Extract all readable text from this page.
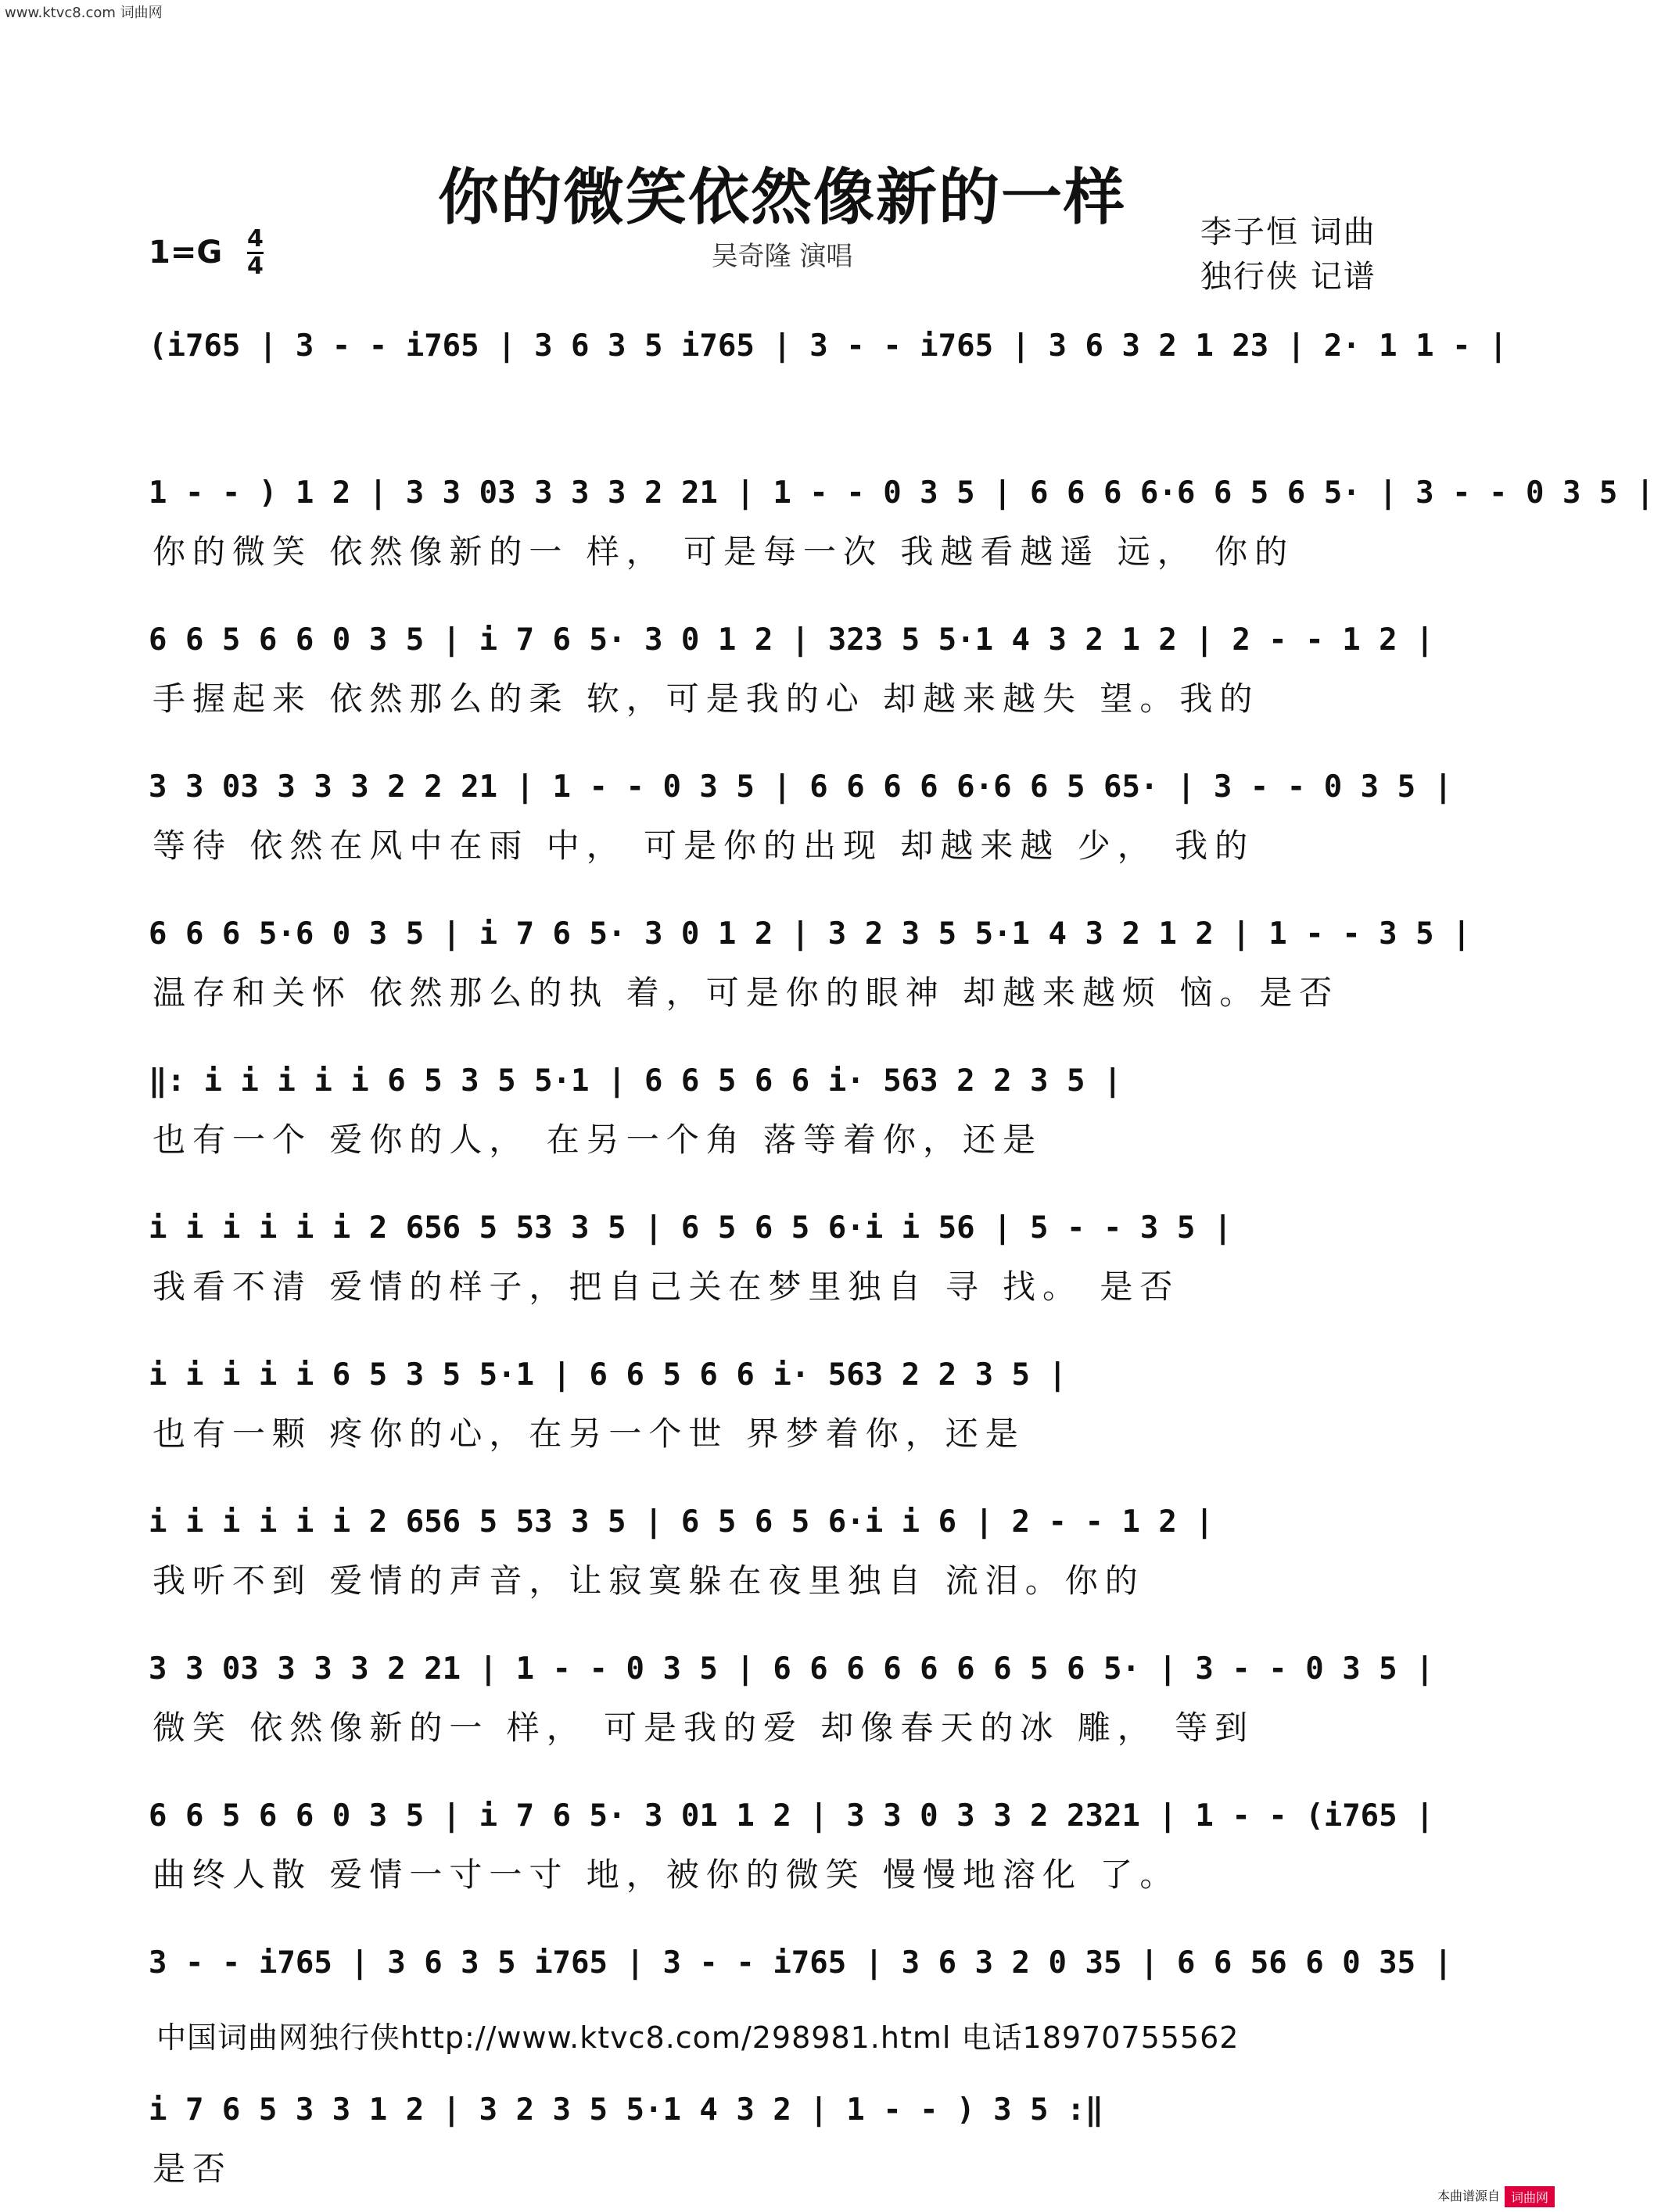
www.ktvc8.com 词曲网
你的微笑依然像新的一样
吴奇隆 演唱
李子恒 词曲
独行侠 记谱
1=G 4
4
(i765 | 3 - - i765 | 3 6 3 5 i765 | 3 - - i765 | 3 6 3 2 1 23 | 2· 1 1 - |
1 - - ) 1 2 | 3 3 03 3 3 3 2 21 | 1 - - 0 3 5 | 6 6 6 6·6 6 5 6 5· | 3 - - 0 3 5 |
你的微笑 依然像新的一 样， 可是每一次 我越看越遥 远， 你的
6 6 5 6 6 0 3 5 | i 7 6 5· 3 0 1 2 | 323 5 5·1 4 3 2 1 2 | 2 - - 1 2 |
手握起来 依然那么的柔 软，可是我的心 却越来越失 望。我的
3 3 03 3 3 3 2 2 21 | 1 - - 0 3 5 | 6 6 6 6 6·6 6 5 65· | 3 - - 0 3 5 |
等待 依然在风中在雨 中， 可是你的出现 却越来越 少， 我的
6 6 6 5·6 0 3 5 | i 7 6 5· 3 0 1 2 | 3 2 3 5 5·1 4 3 2 1 2 | 1 - - 3 5 |
温存和关怀 依然那么的执 着，可是你的眼神 却越来越烦 恼。是否
‖: i i i i i 6 5 3 5 5·1 | 6 6 5 6 6 i· 563 2 2 3 5 |
也有一个 爱你的人， 在另一个角 落等着你，还是
i i i i i i 2 656 5 53 3 5 | 6 5 6 5 6·i i 56 | 5 - - 3 5 |
我看不清 爱情的样子，把自己关在梦里独自 寻 找。 是否
i i i i i 6 5 3 5 5·1 | 6 6 5 6 6 i· 563 2 2 3 5 |
也有一颗 疼你的心，在另一个世 界梦着你，还是
i i i i i i 2 656 5 53 3 5 | 6 5 6 5 6·i i 6 | 2 - - 1 2 |
我听不到 爱情的声音，让寂寞躲在夜里独自 流泪。你的
3 3 03 3 3 3 2 21 | 1 - - 0 3 5 | 6 6 6 6 6 6 6 5 6 5· | 3 - - 0 3 5 |
微笑 依然像新的一 样， 可是我的爱 却像春天的冰 雕， 等到
6 6 5 6 6 0 3 5 | i 7 6 5· 3 01 1 2 | 3 3 0 3 3 2 2321 | 1 - - (i765 |
曲终人散 爱情一寸一寸 地，被你的微笑 慢慢地溶化 了。
3 - - i765 | 3 6 3 5 i765 | 3 - - i765 | 3 6 3 2 0 35 | 6 6 56 6 0 35 |
i 7 6 5 3 3 1 2 | 3 2 3 5 5·1 4 3 2 | 1 - - ) 3 5 :‖
是否
中国词曲网独行侠http://www.ktvc8.com/298981.html 电话18970755562
本曲谱源自 词曲网
